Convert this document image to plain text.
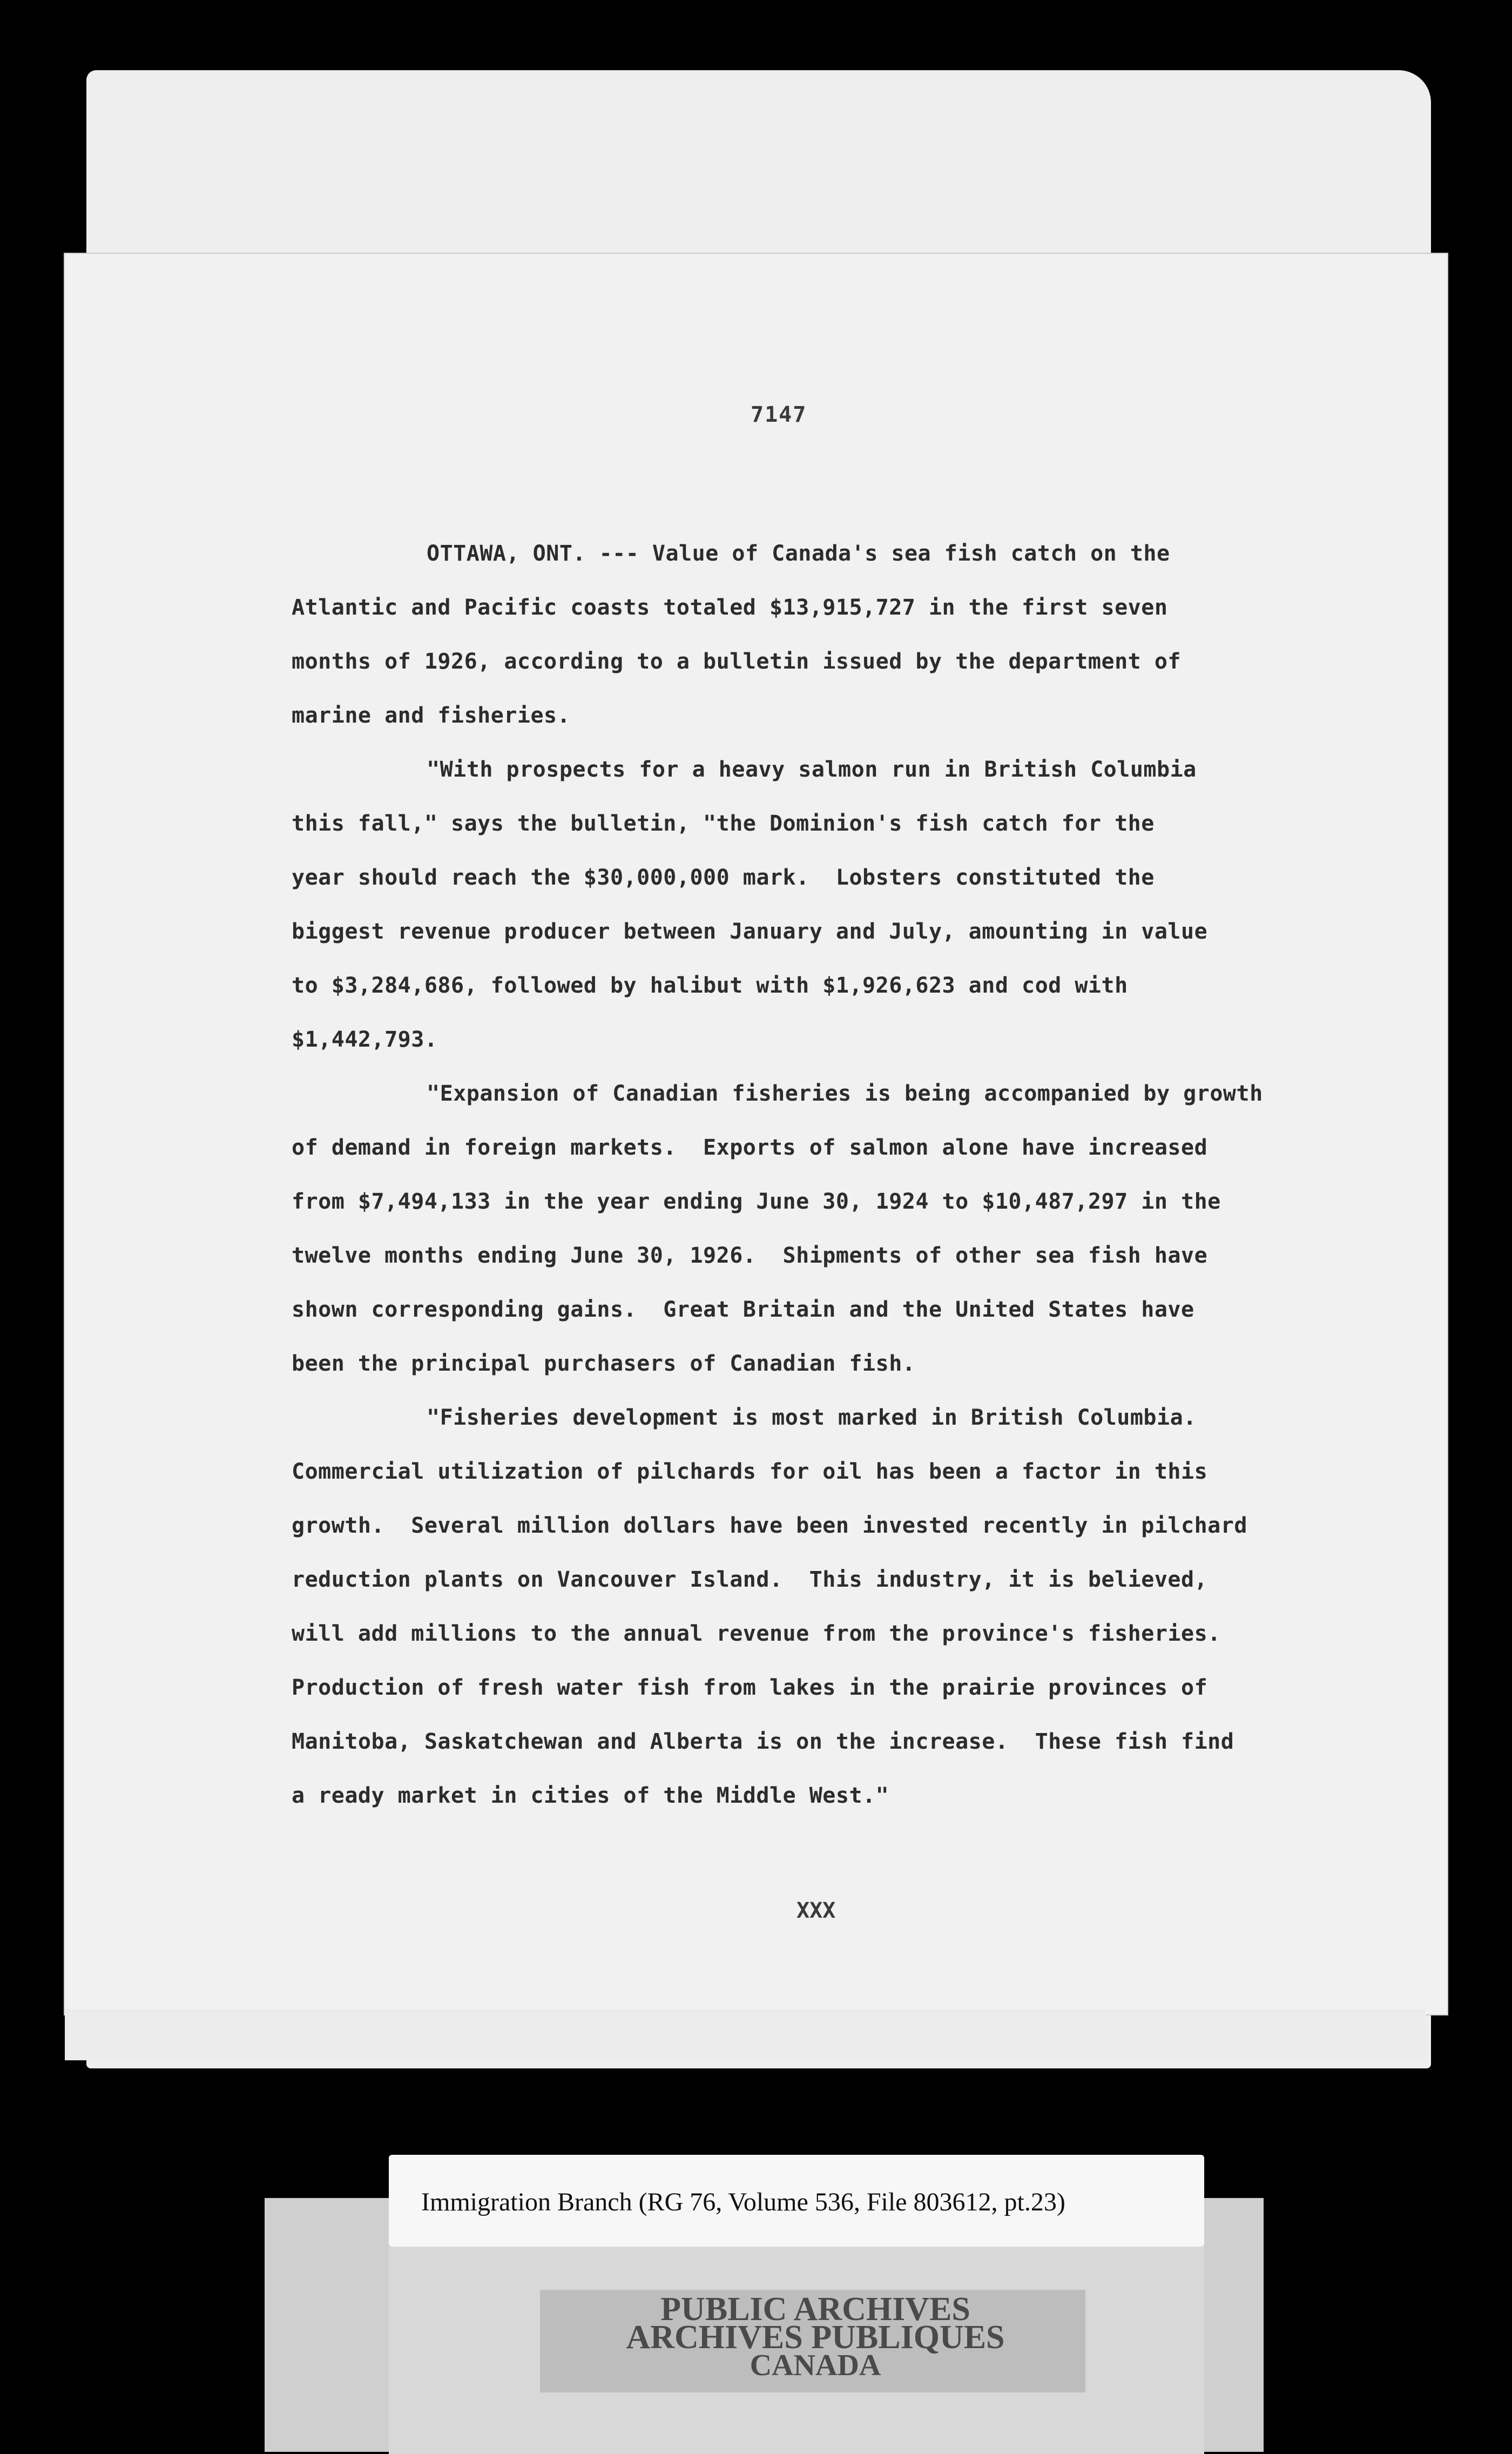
7147
OTTAWA, ONT. --- Value of Canada's sea fish catch on the
Atlantic and Pacific coasts totaled $13,915,727 in the first seven
months of 1926, according to a bulletin issued by the department of
marine and fisheries.
"With prospects for a heavy salmon run in British Columbia
this fall," says the bulletin, "the Dominion's fish catch for the
year should reach the $30,000,000 mark.  Lobsters constituted the
biggest revenue producer between January and July, amounting in value
to $3,284,686, followed by halibut with $1,926,623 and cod with
$1,442,793.
"Expansion of Canadian fisheries is being accompanied by growth
of demand in foreign markets.  Exports of salmon alone have increased
from $7,494,133 in the year ending June 30, 1924 to $10,487,297 in the
twelve months ending June 30, 1926.  Shipments of other sea fish have
shown corresponding gains.  Great Britain and the United States have
been the principal purchasers of Canadian fish.
"Fisheries development is most marked in British Columbia.
Commercial utilization of pilchards for oil has been a factor in this
growth.  Several million dollars have been invested recently in pilchard
reduction plants on Vancouver Island.  This industry, it is believed,
will add millions to the annual revenue from the province's fisheries.
Production of fresh water fish from lakes in the prairie provinces of
Manitoba, Saskatchewan and Alberta is on the increase.  These fish find
a ready market in cities of the Middle West."
XXX
Immigration Branch (RG 76, Volume 536, File 803612, pt.23)
PUBLIC ARCHIVES
ARCHIVES PUBLIQUES
CANADA
